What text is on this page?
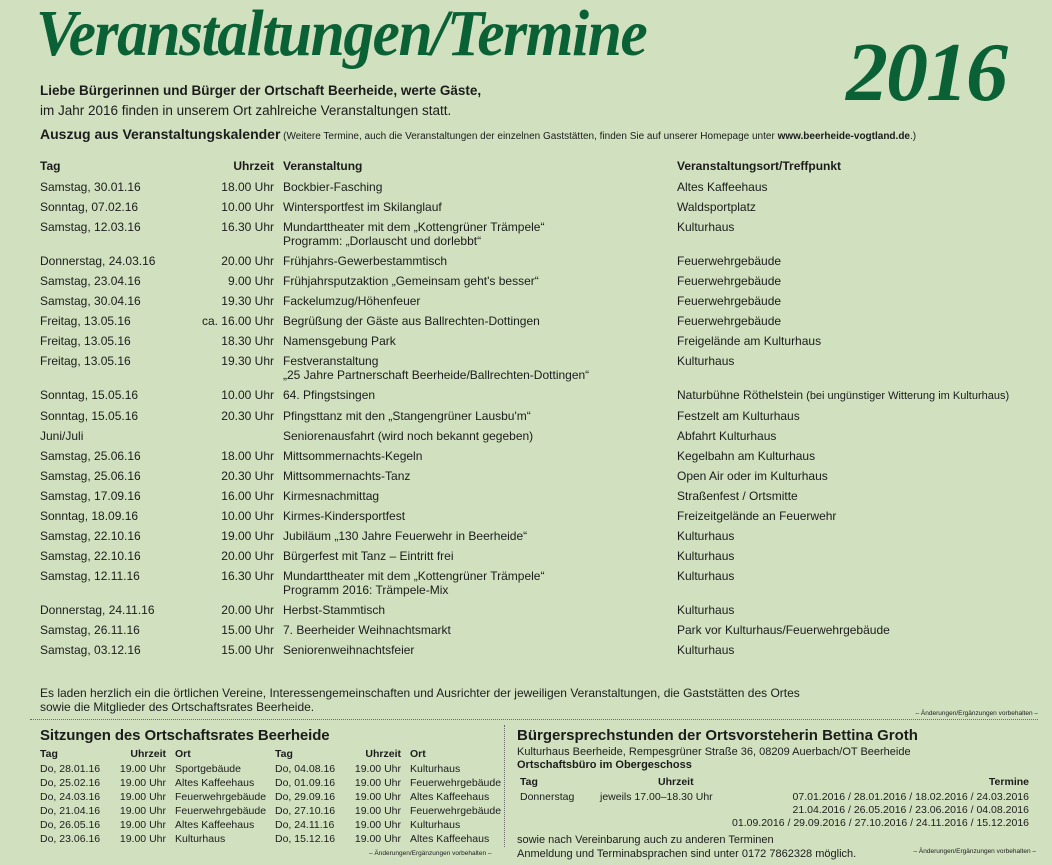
Veranstaltungen/Termine 2016
Liebe Bürgerinnen und Bürger der Ortschaft Beerheide, werte Gäste,
im Jahr 2016 finden in unserem Ort zahlreiche Veranstaltungen statt.
Auszug aus Veranstaltungskalender (Weitere Termine, auch die Veranstaltungen der einzelnen Gaststätten, finden Sie auf unserer Homepage unter www.beerheide-vogtland.de.)
Tag	Uhrzeit Veranstaltung	Veranstaltungsort/Treffpunkt
Samstag, 30.01.16	18.00 Uhr Bockbier-Fasching	Altes Kaffeehaus
Sonntag, 07.02.16	10.00 Uhr Wintersportfest im Skilanglauf	Waldsportplatz
Samstag, 12.03.16	16.30 Uhr Mundarttheater mit dem „Kottengrüner Trämpele“
Programm: „Dorlauscht und dorlebbt“
Kulturhaus
Donnerstag, 24.03.16	20.00 Uhr Frühjahrs-Gewerbestammtisch	Feuerwehrgebäude
Samstag, 23.04.16	9.00 Uhr Frühjahrsputzaktion „Gemeinsam geht's besser“	Feuerwehrgebäude
Samstag, 30.04.16	19.30 Uhr Fackelumzug/Höhenfeuer	Feuerwehrgebäude
Freitag, 13.05.16	ca. 16.00 Uhr Begrüßung der Gäste aus Ballrechten-Dottingen	Feuerwehrgebäude
Freitag, 13.05.16	18.30 Uhr Namensgebung Park	Freigelände am Kulturhaus
Freitag, 13.05.16	19.30 Uhr Festveranstaltung
„25 Jahre Partnerschaft Beerheide/Ballrechten-Dottingen“
Kulturhaus
Sonntag, 15.05.16	10.00 Uhr 64. Pfingstsingen	Naturbühne Röthelstein (bei ungünstiger Witterung im Kulturhaus)
Sonntag, 15.05.16	20.30 Uhr Pfingsttanz mit den „Stangengrüner Lausbu'm“	Festzelt am Kulturhaus
Juni/Juli	Seniorenausfahrt (wird noch bekannt gegeben)	Abfahrt Kulturhaus
Samstag, 25.06.16	18.00 Uhr Mittsommernachts-Kegeln	Kegelbahn am Kulturhaus
Samstag, 25.06.16	20.30 Uhr Mittsommernachts-Tanz	Open Air oder im Kulturhaus
Samstag, 17.09.16	16.00 Uhr Kirmesnachmittag	Straßenfest / Ortsmitte
Sonntag, 18.09.16	10.00 Uhr Kirmes-Kindersportfest	Freizeitgelände an Feuerwehr
Samstag, 22.10.16	19.00 Uhr Jubiläum „130 Jahre Feuerwehr in Beerheide“	Kulturhaus
Samstag, 22.10.16	20.00 Uhr Bürgerfest mit Tanz – Eintritt frei	Kulturhaus
Samstag, 12.11.16	16.30 Uhr Mundarttheater mit dem „Kottengrüner Trämpele“
Programm 2016: Trämpele-Mix
Kulturhaus
Donnerstag, 24.11.16	20.00 Uhr Herbst-Stammtisch	Kulturhaus
Samstag, 26.11.16	15.00 Uhr 7. Beerheider Weihnachtsmarkt	Park vor Kulturhaus/Feuerwehrgebäude
Samstag, 03.12.16	15.00 Uhr Seniorenweihnachtsfeier	Kulturhaus
Es laden herzlich ein die örtlichen Vereine, Interessengemeinschaften und Ausrichter der jeweiligen Veranstaltungen, die Gaststätten des Ortes
sowie die Mitglieder des Ortschaftsrates Beerheide.	– Änderungen/Ergänzungen vorbehalten –
Sitzungen des Ortschaftsrates Beerheide
Tag	Uhrzeit Ort
Do, 28.01.16	19.00 Uhr Sportgebäude
Do, 25.02.16	19.00 Uhr Altes Kaffeehaus
Do, 24.03.16	19.00 Uhr Feuerwehrgebäude
Do, 21.04.16	19.00 Uhr Feuerwehrgebäude
Do, 26.05.16	19.00 Uhr Altes Kaffeehaus
Do, 23.06.16	19.00 Uhr Kulturhaus
Tag	Uhrzeit Ort
Do, 04.08.16	19.00 Uhr Kulturhaus
Do, 01.09.16	19.00 Uhr Feuerwehrgebäude
Do, 29.09.16	19.00 Uhr Altes Kaffeehaus
Do, 27.10.16	19.00 Uhr Feuerwehrgebäude
Do, 24.11.16	19.00 Uhr Kulturhaus
Do, 15.12.16	19.00 Uhr Altes Kaffeehaus
– Änderungen/Ergänzungen vorbehalten –
Bürgersprechstunden der Ortsvorsteherin Bettina Groth
Kulturhaus Beerheide, Rempesgrüner Straße 36, 08209 Auerbach/OT Beerheide
Ortschaftsbüro im Obergeschoss
Tag	Uhrzeit	Termine
Donnerstag jeweils 17.00–18.30 Uhr	07.01.2016 / 28.01.2016 / 18.02.2016 / 24.03.2016
21.04.2016 / 26.05.2016 / 23.06.2016 / 04.08.2016
01.09.2016 / 29.09.2016 / 27.10.2016 / 24.11.2016 / 15.12.2016
sowie nach Vereinbarung auch zu anderen Terminen
Anmeldung und Terminabsprachen sind unter 0172 7862328 möglich.	– Änderungen/Ergänzungen vorbehalten –
